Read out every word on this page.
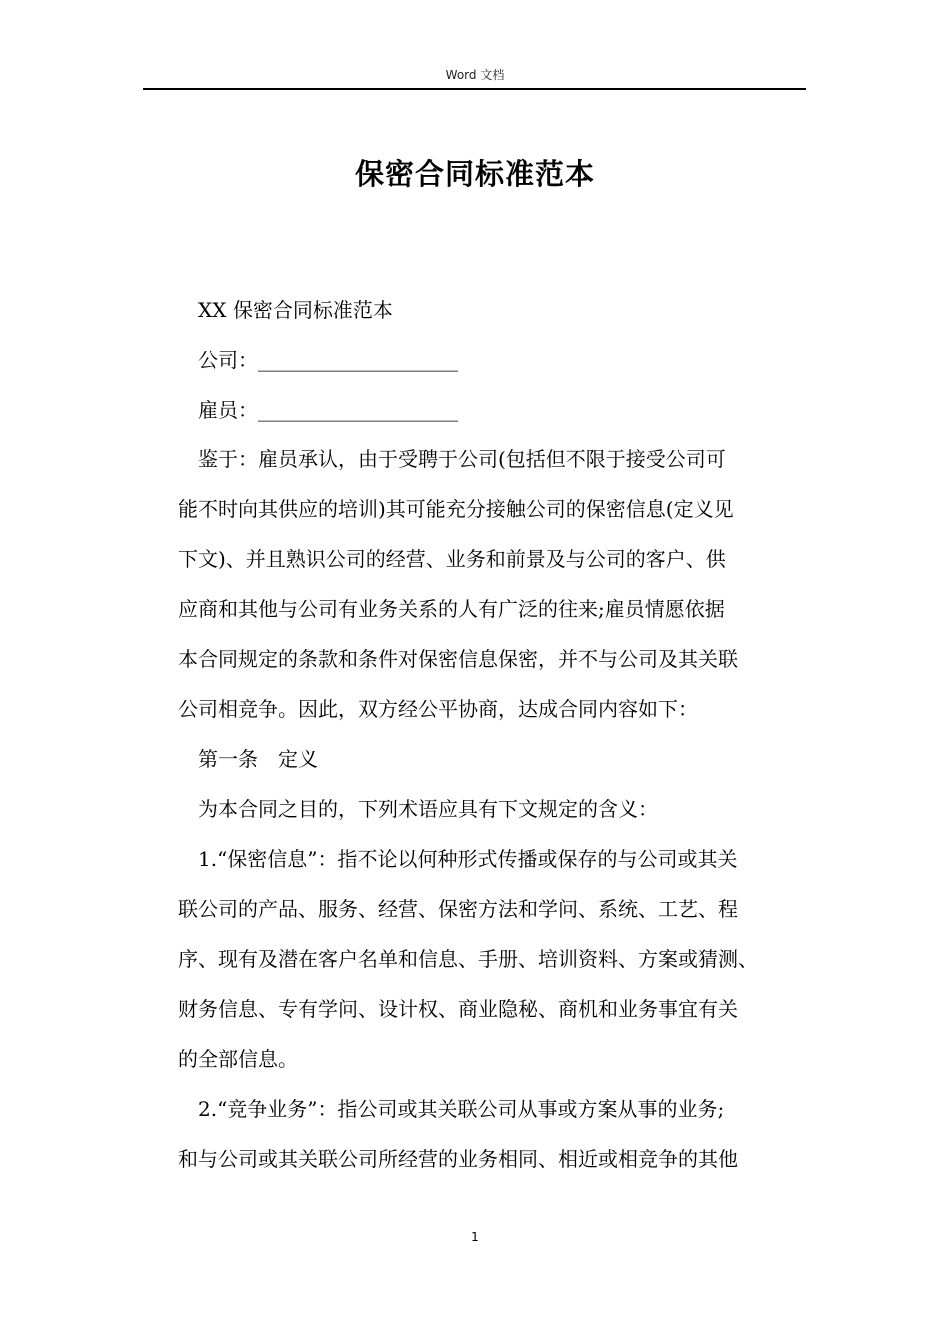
Word 文档
保密合同标准范本
XX 保密合同标准范本
公司：____________________
雇员：____________________
鉴于：雇员承认，由于受聘于公司(包括但不限于接受公司可
能不时向其供应的培训)其可能充分接触公司的保密信息(定义见
下文)、并且熟识公司的经营、业务和前景及与公司的客户、供
应商和其他与公司有业务关系的人有广泛的往来;雇员情愿依据
本合同规定的条款和条件对保密信息保密，并不与公司及其关联
公司相竞争。因此，双方经公平协商，达成合同内容如下：
第一条　定义
为本合同之目的，下列术语应具有下文规定的含义：
1.“保密信息”：指不论以何种形式传播或保存的与公司或其关
联公司的产品、服务、经营、保密方法和学问、系统、工艺、程
序、现有及潜在客户名单和信息、手册、培训资料、方案或猜测、
财务信息、专有学问、设计权、商业隐秘、商机和业务事宜有关
的全部信息。
2.“竞争业务”：指公司或其关联公司从事或方案从事的业务;
和与公司或其关联公司所经营的业务相同、相近或相竞争的其他
1
